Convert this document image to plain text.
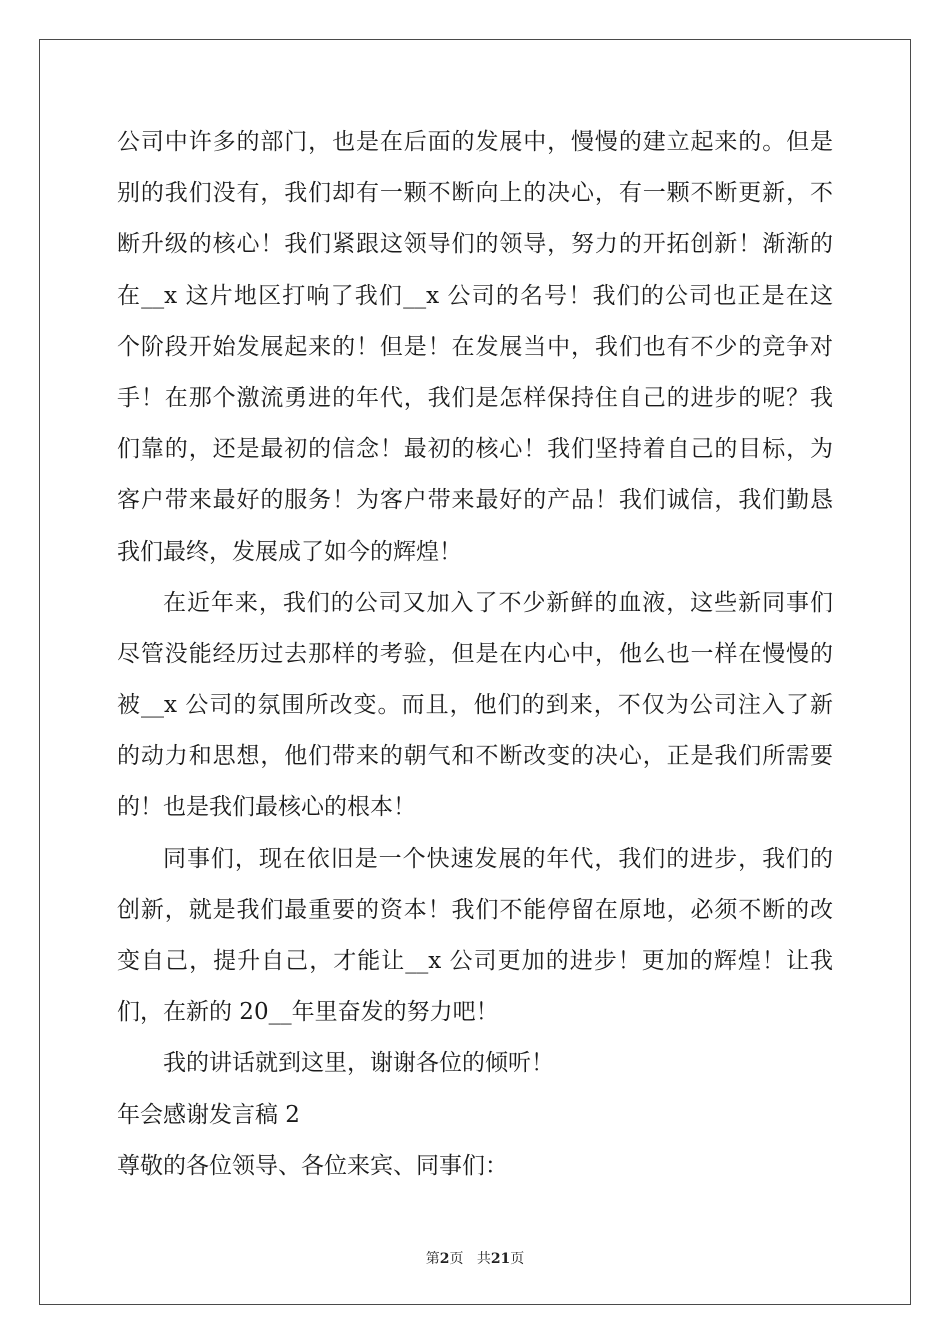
公司中许多的部门，也是在后面的发展中，慢慢的建立起来的。但是
别的我们没有，我们却有一颗不断向上的决心，有一颗不断更新，不
断升级的核心！我们紧跟这领导们的领导，努力的开拓创新！渐渐的
在__x 这片地区打响了我们__x 公司的名号！我们的公司也正是在这
个阶段开始发展起来的！但是！在发展当中，我们也有不少的竞争对
手！在那个激流勇进的年代，我们是怎样保持住自己的进步的呢？我
们靠的，还是最初的信念！最初的核心！我们坚持着自己的目标，为
客户带来最好的服务！为客户带来最好的产品！我们诚信，我们勤恳
我们最终，发展成了如今的辉煌！
在近年来，我们的公司又加入了不少新鲜的血液，这些新同事们
尽管没能经历过去那样的考验，但是在内心中，他么也一样在慢慢的
被__x 公司的氛围所改变。而且，他们的到来，不仅为公司注入了新
的动力和思想，他们带来的朝气和不断改变的决心，正是我们所需要
的！也是我们最核心的根本！
同事们，现在依旧是一个快速发展的年代，我们的进步，我们的
创新，就是我们最重要的资本！我们不能停留在原地，必须不断的改
变自己，提升自己，才能让__x 公司更加的进步！更加的辉煌！让我
们，在新的 20__年里奋发的努力吧！
我的讲话就到这里，谢谢各位的倾听！
年会感谢发言稿 2
尊敬的各位领导、各位来宾、同事们：
第2页 共21页
